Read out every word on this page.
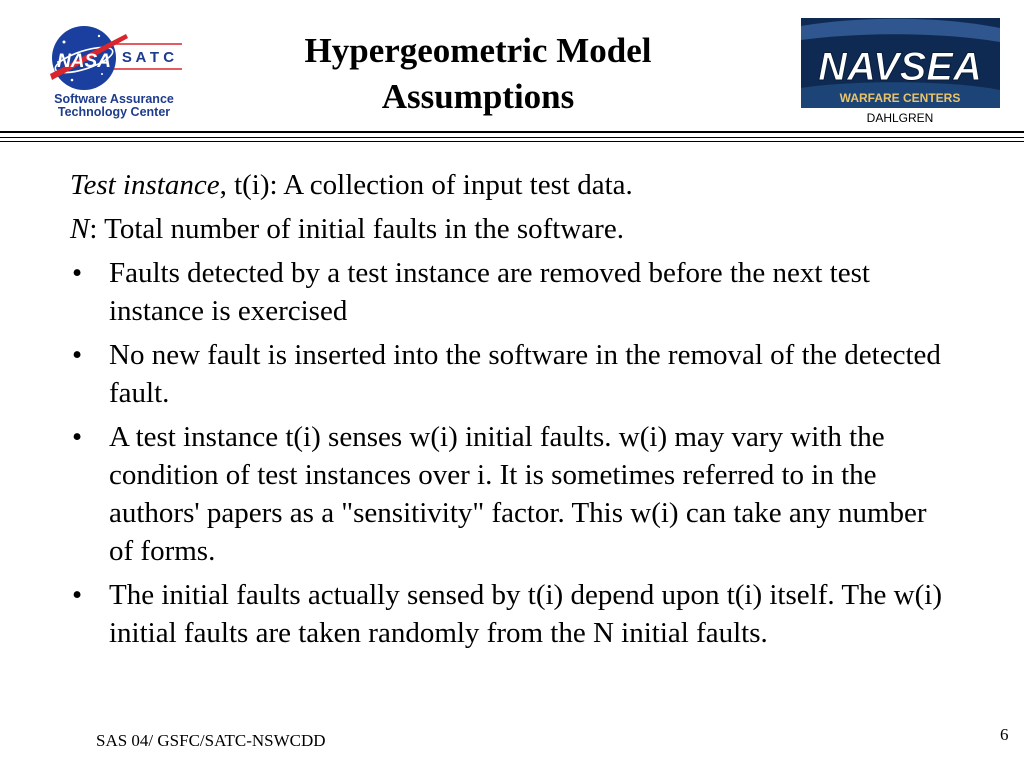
NASA S A T C
Software Assurance
Technology Center
Hypergeometric Model
Assumptions
NAVSEA
WARFARE CENTERS
DAHLGREN

Test instance, t(i): A collection of input test data.

N: Total number of initial faults in the software.

• Faults detected by a test instance are removed before the next test instance is exercised
• No new fault is inserted into the software in the removal of the detected fault.
• A test instance t(i) senses w(i) initial faults. w(i) may vary with the condition of test instances over i. It is sometimes referred to in the authors' papers as a "sensitivity" factor. This w(i) can take any number of forms.
• The initial faults actually sensed by t(i) depend upon t(i) itself. The w(i) initial faults are taken randomly from the N initial faults.
SAS 04/ GSFC/SATC-NSWCDD	6
